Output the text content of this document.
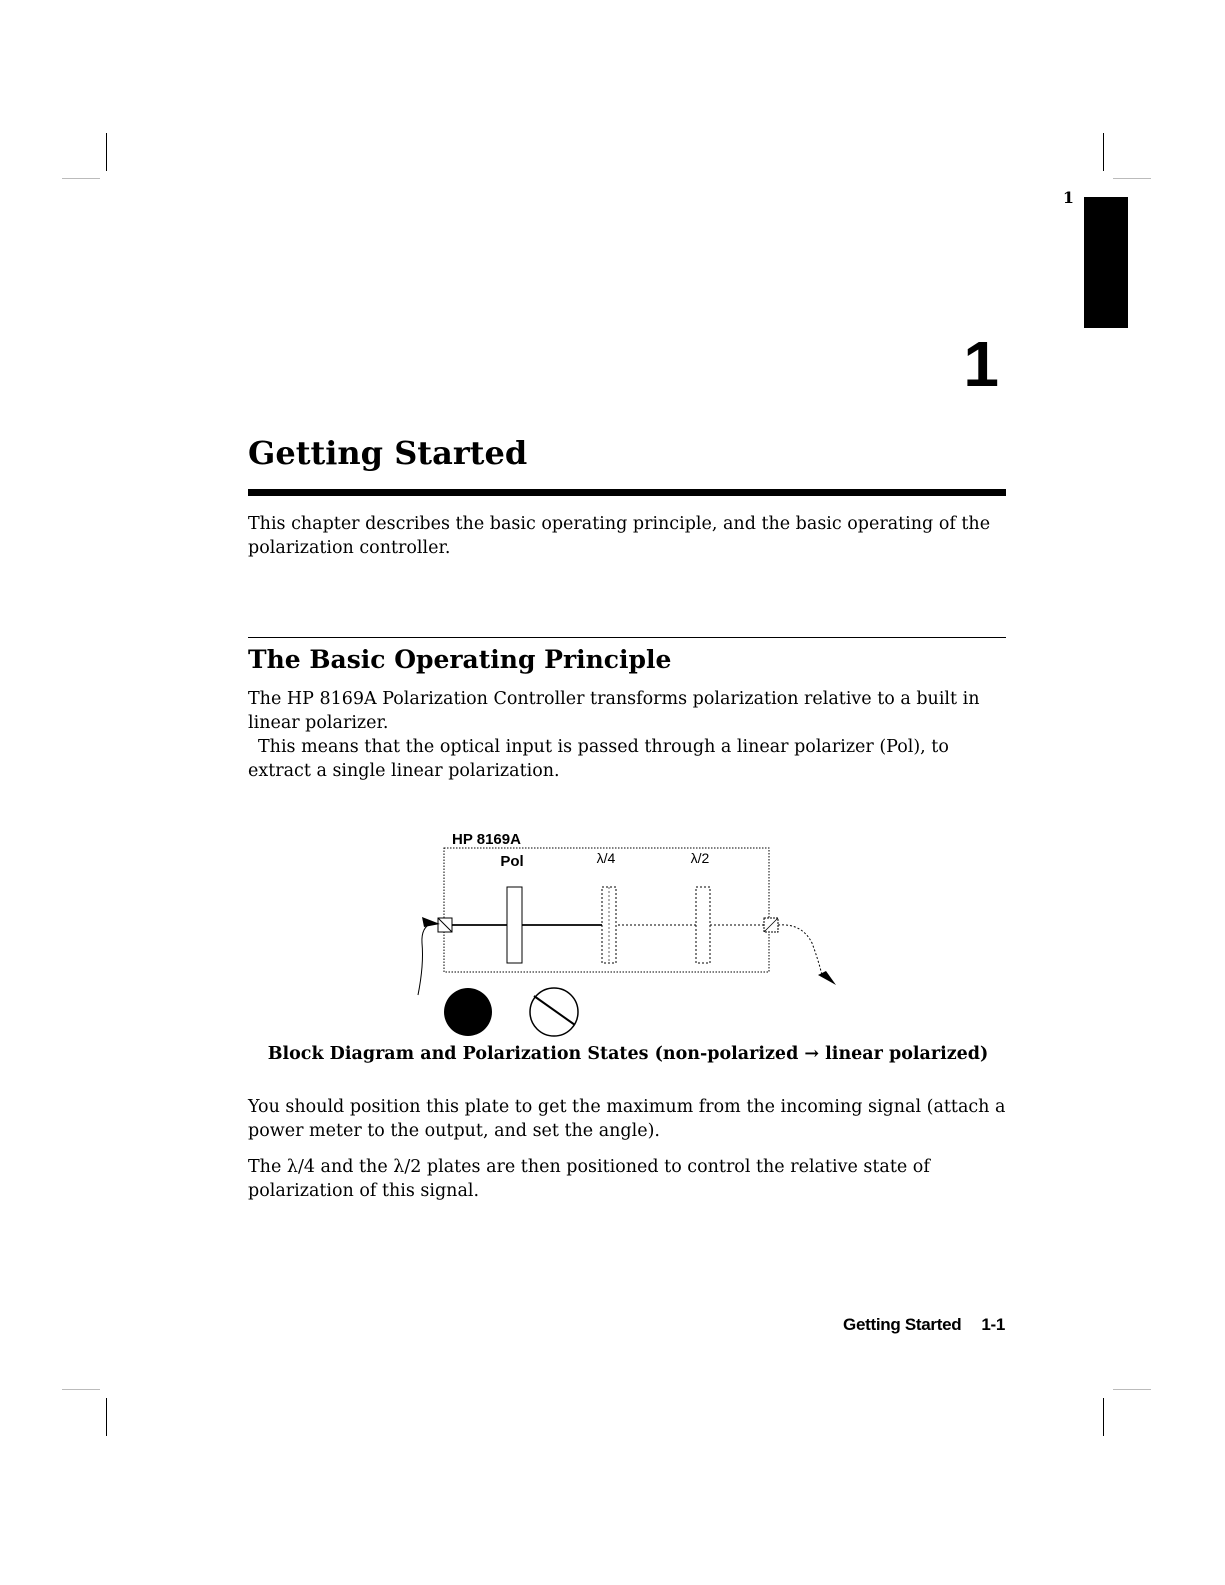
1
1
Getting Started

This chapter describes the basic operating principle, and the basic operating of the polarization controller.

The Basic Operating Principle

The HP 8169A Polarization Controller transforms polarization relative to a built in linear polarizer.
This means that the optical input is passed through a linear polarizer (Pol), to extract a single linear polarization.

HP 8169A
Pol	λ/4	λ/2

Block Diagram and Polarization States (non-polarized → linear polarized)

You should position this plate to get the maximum from the incoming signal (attach a power meter to the output, and set the angle).

The λ/4 and the λ/2 plates are then positioned to control the relative state of polarization of this signal.

Getting Started 1-1
